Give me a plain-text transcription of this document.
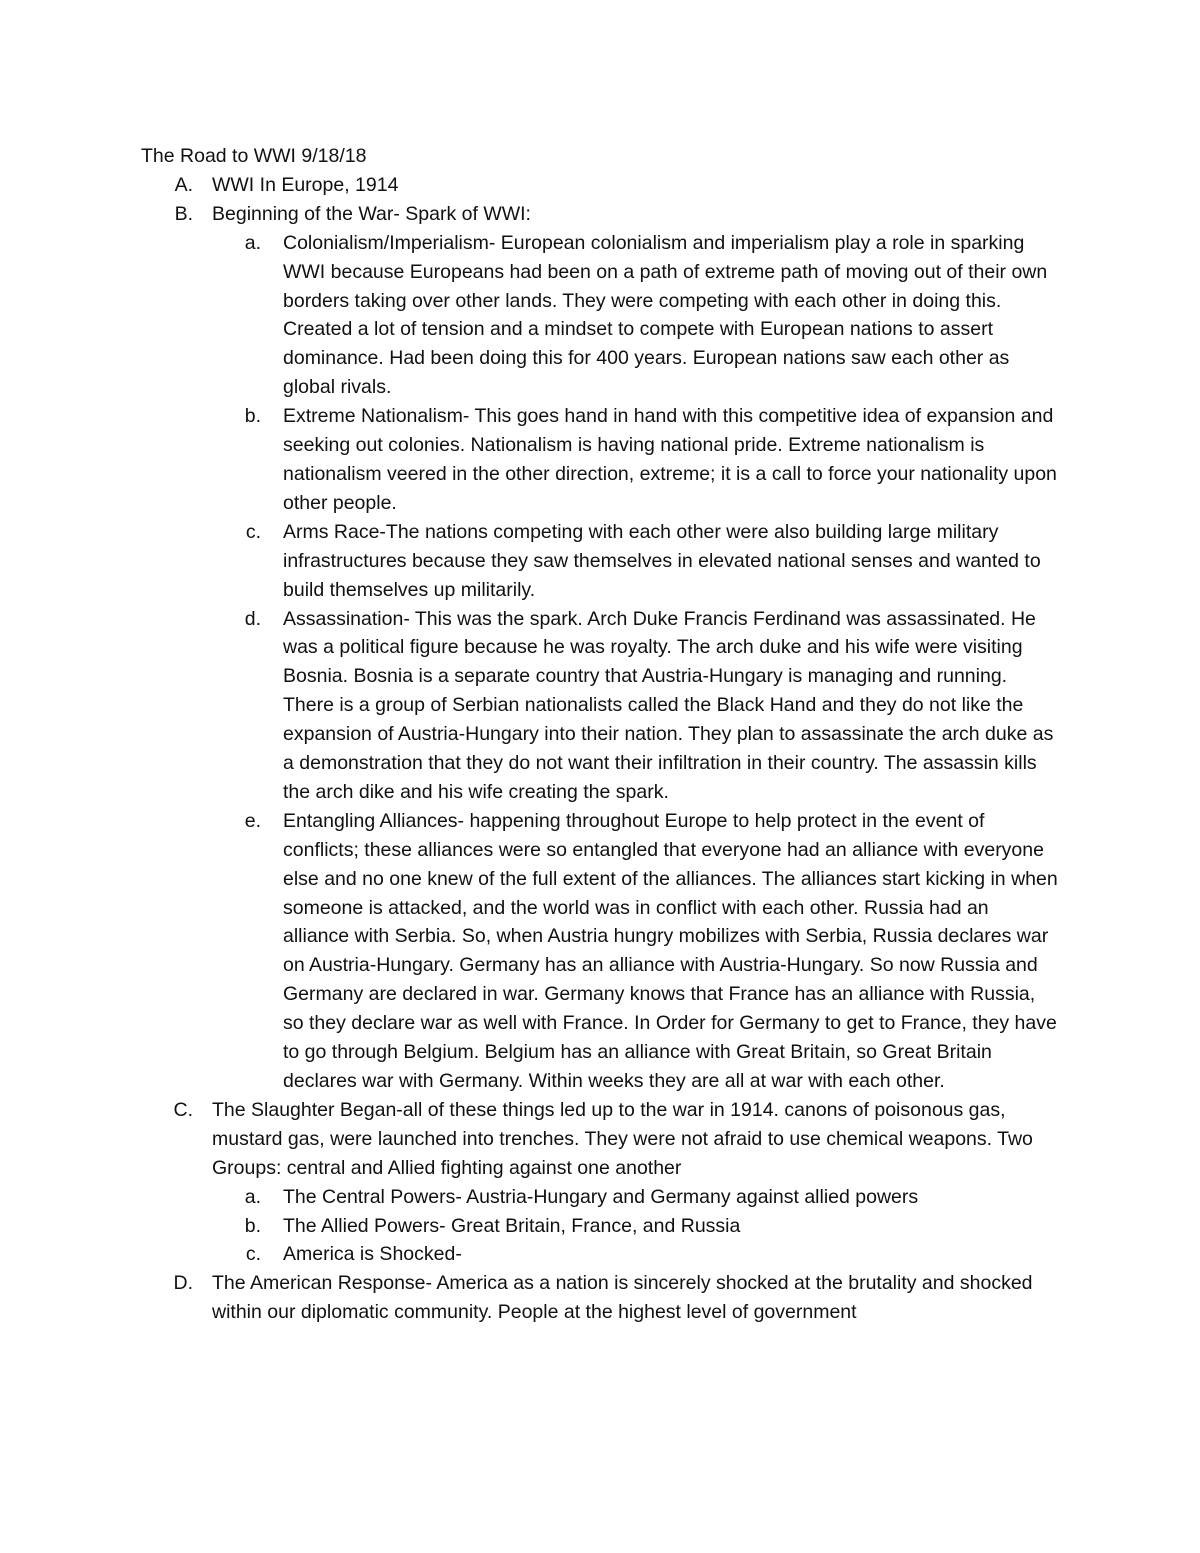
The Road to WWI 9/18/18
A. WWI In Europe, 1914
B. Beginning of the War- Spark of WWI:
a.	Colonialism/Imperialism- European colonialism and imperialism play a role in sparking WWI because Europeans had been on a path of extreme path of moving out of their own borders taking over other lands. They were competing with each other in doing this. Created a lot of tension and a mindset to compete with European nations to assert dominance. Had been doing this for 400 years. European nations saw each other as global rivals.
b.	Extreme Nationalism- This goes hand in hand with this competitive idea of expansion and seeking out colonies. Nationalism is having national pride. Extreme nationalism is nationalism veered in the other direction, extreme; it is a call to force your nationality upon other people.
c.	Arms Race-The nations competing with each other were also building large military infrastructures because they saw themselves in elevated national senses and wanted to build themselves up militarily.
d.	Assassination- This was the spark. Arch Duke Francis Ferdinand was assassinated. He was a political figure because he was royalty. The arch duke and his wife were visiting Bosnia. Bosnia is a separate country that Austria-Hungary is managing and running. There is a group of Serbian nationalists called the Black Hand and they do not like the expansion of Austria-Hungary into their nation. They plan to assassinate the arch duke as a demonstration that they do not want their infiltration in their country. The assassin kills the arch dike and his wife creating the spark.
e.	Entangling Alliances- happening throughout Europe to help protect in the event of conflicts; these alliances were so entangled that everyone had an alliance with everyone else and no one knew of the full extent of the alliances. The alliances start kicking in when someone is attacked, and the world was in conflict with each other. Russia had an alliance with Serbia. So, when Austria hungry mobilizes with Serbia, Russia declares war on Austria-Hungary. Germany has an alliance with Austria-Hungary. So now Russia and Germany are declared in war. Germany knows that France has an alliance with Russia, so they declare war as well with France. In Order for Germany to get to France, they have to go through Belgium. Belgium has an alliance with Great Britain, so Great Britain declares war with Germany. Within weeks they are all at war with each other.
C. The Slaughter Began-all of these things led up to the war in 1914. canons of poisonous gas, mustard gas, were launched into trenches. They were not afraid to use chemical weapons. Two Groups: central and Allied fighting against one another
a.	The Central Powers- Austria-Hungary and Germany against allied powers
b.	The Allied Powers- Great Britain, France, and Russia
c.	America is Shocked-
D. The American Response- America as a nation is sincerely shocked at the brutality and shocked within our diplomatic community. People at the highest level of government
